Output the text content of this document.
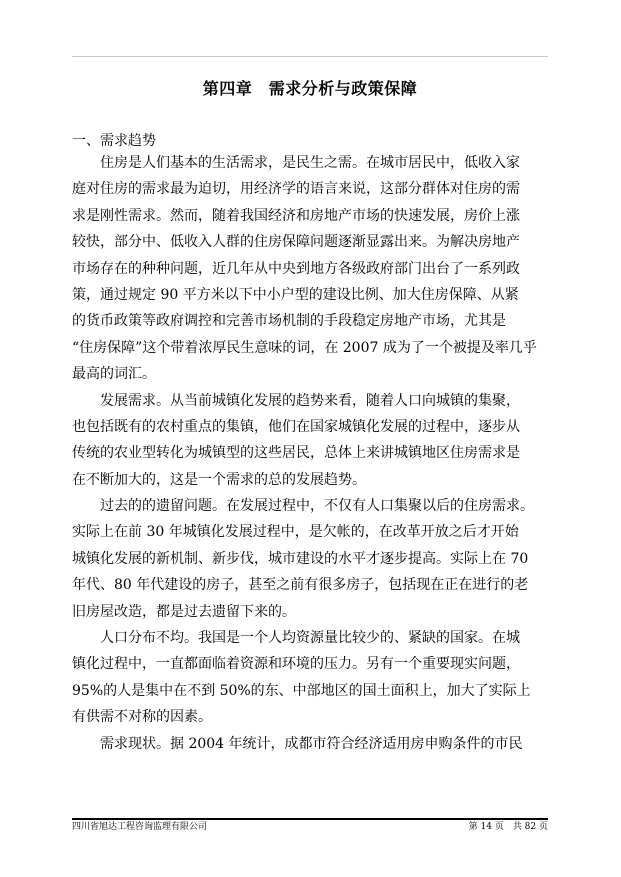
第四章　需求分析与政策保障
一、需求趋势
住房是人们基本的生活需求，是民生之需。在城市居民中，低收入家
庭对住房的需求最为迫切，用经济学的语言来说，这部分群体对住房的需
求是刚性需求。然而，随着我国经济和房地产市场的快速发展，房价上涨
较快，部分中、低收入人群的住房保障问题逐渐显露出来。为解决房地产
市场存在的种种问题，近几年从中央到地方各级政府部门出台了一系列政
策，通过规定 90 平方米以下中小户型的建设比例、加大住房保障、从紧
的货币政策等政府调控和完善市场机制的手段稳定房地产市场，尤其是
“住房保障”这个带着浓厚民生意味的词，在 2007 成为了一个被提及率几乎
最高的词汇。
发展需求。从当前城镇化发展的趋势来看，随着人口向城镇的集聚，
也包括既有的农村重点的集镇，他们在国家城镇化发展的过程中，逐步从
传统的农业型转化为城镇型的这些居民，总体上来讲城镇地区住房需求是
在不断加大的，这是一个需求的总的发展趋势。
过去的的遗留问题。在发展过程中，不仅有人口集聚以后的住房需求。
实际上在前 30 年城镇化发展过程中，是欠帐的，在改革开放之后才开始
城镇化发展的新机制、新步伐，城市建设的水平才逐步提高。实际上在 70
年代、80 年代建设的房子，甚至之前有很多房子，包括现在正在进行的老
旧房屋改造，都是过去遗留下来的。
人口分布不均。我国是一个人均资源量比较少的、紧缺的国家。在城
镇化过程中，一直都面临着资源和环境的压力。另有一个重要现实问题，
95%的人是集中在不到 50%的东、中部地区的国土面积上，加大了实际上
有供需不对称的因素。
需求现状。据 2004 年统计，成都市符合经济适用房申购条件的市民
四川省旭达工程咨询监理有限公司	第 14 页　共 82 页
